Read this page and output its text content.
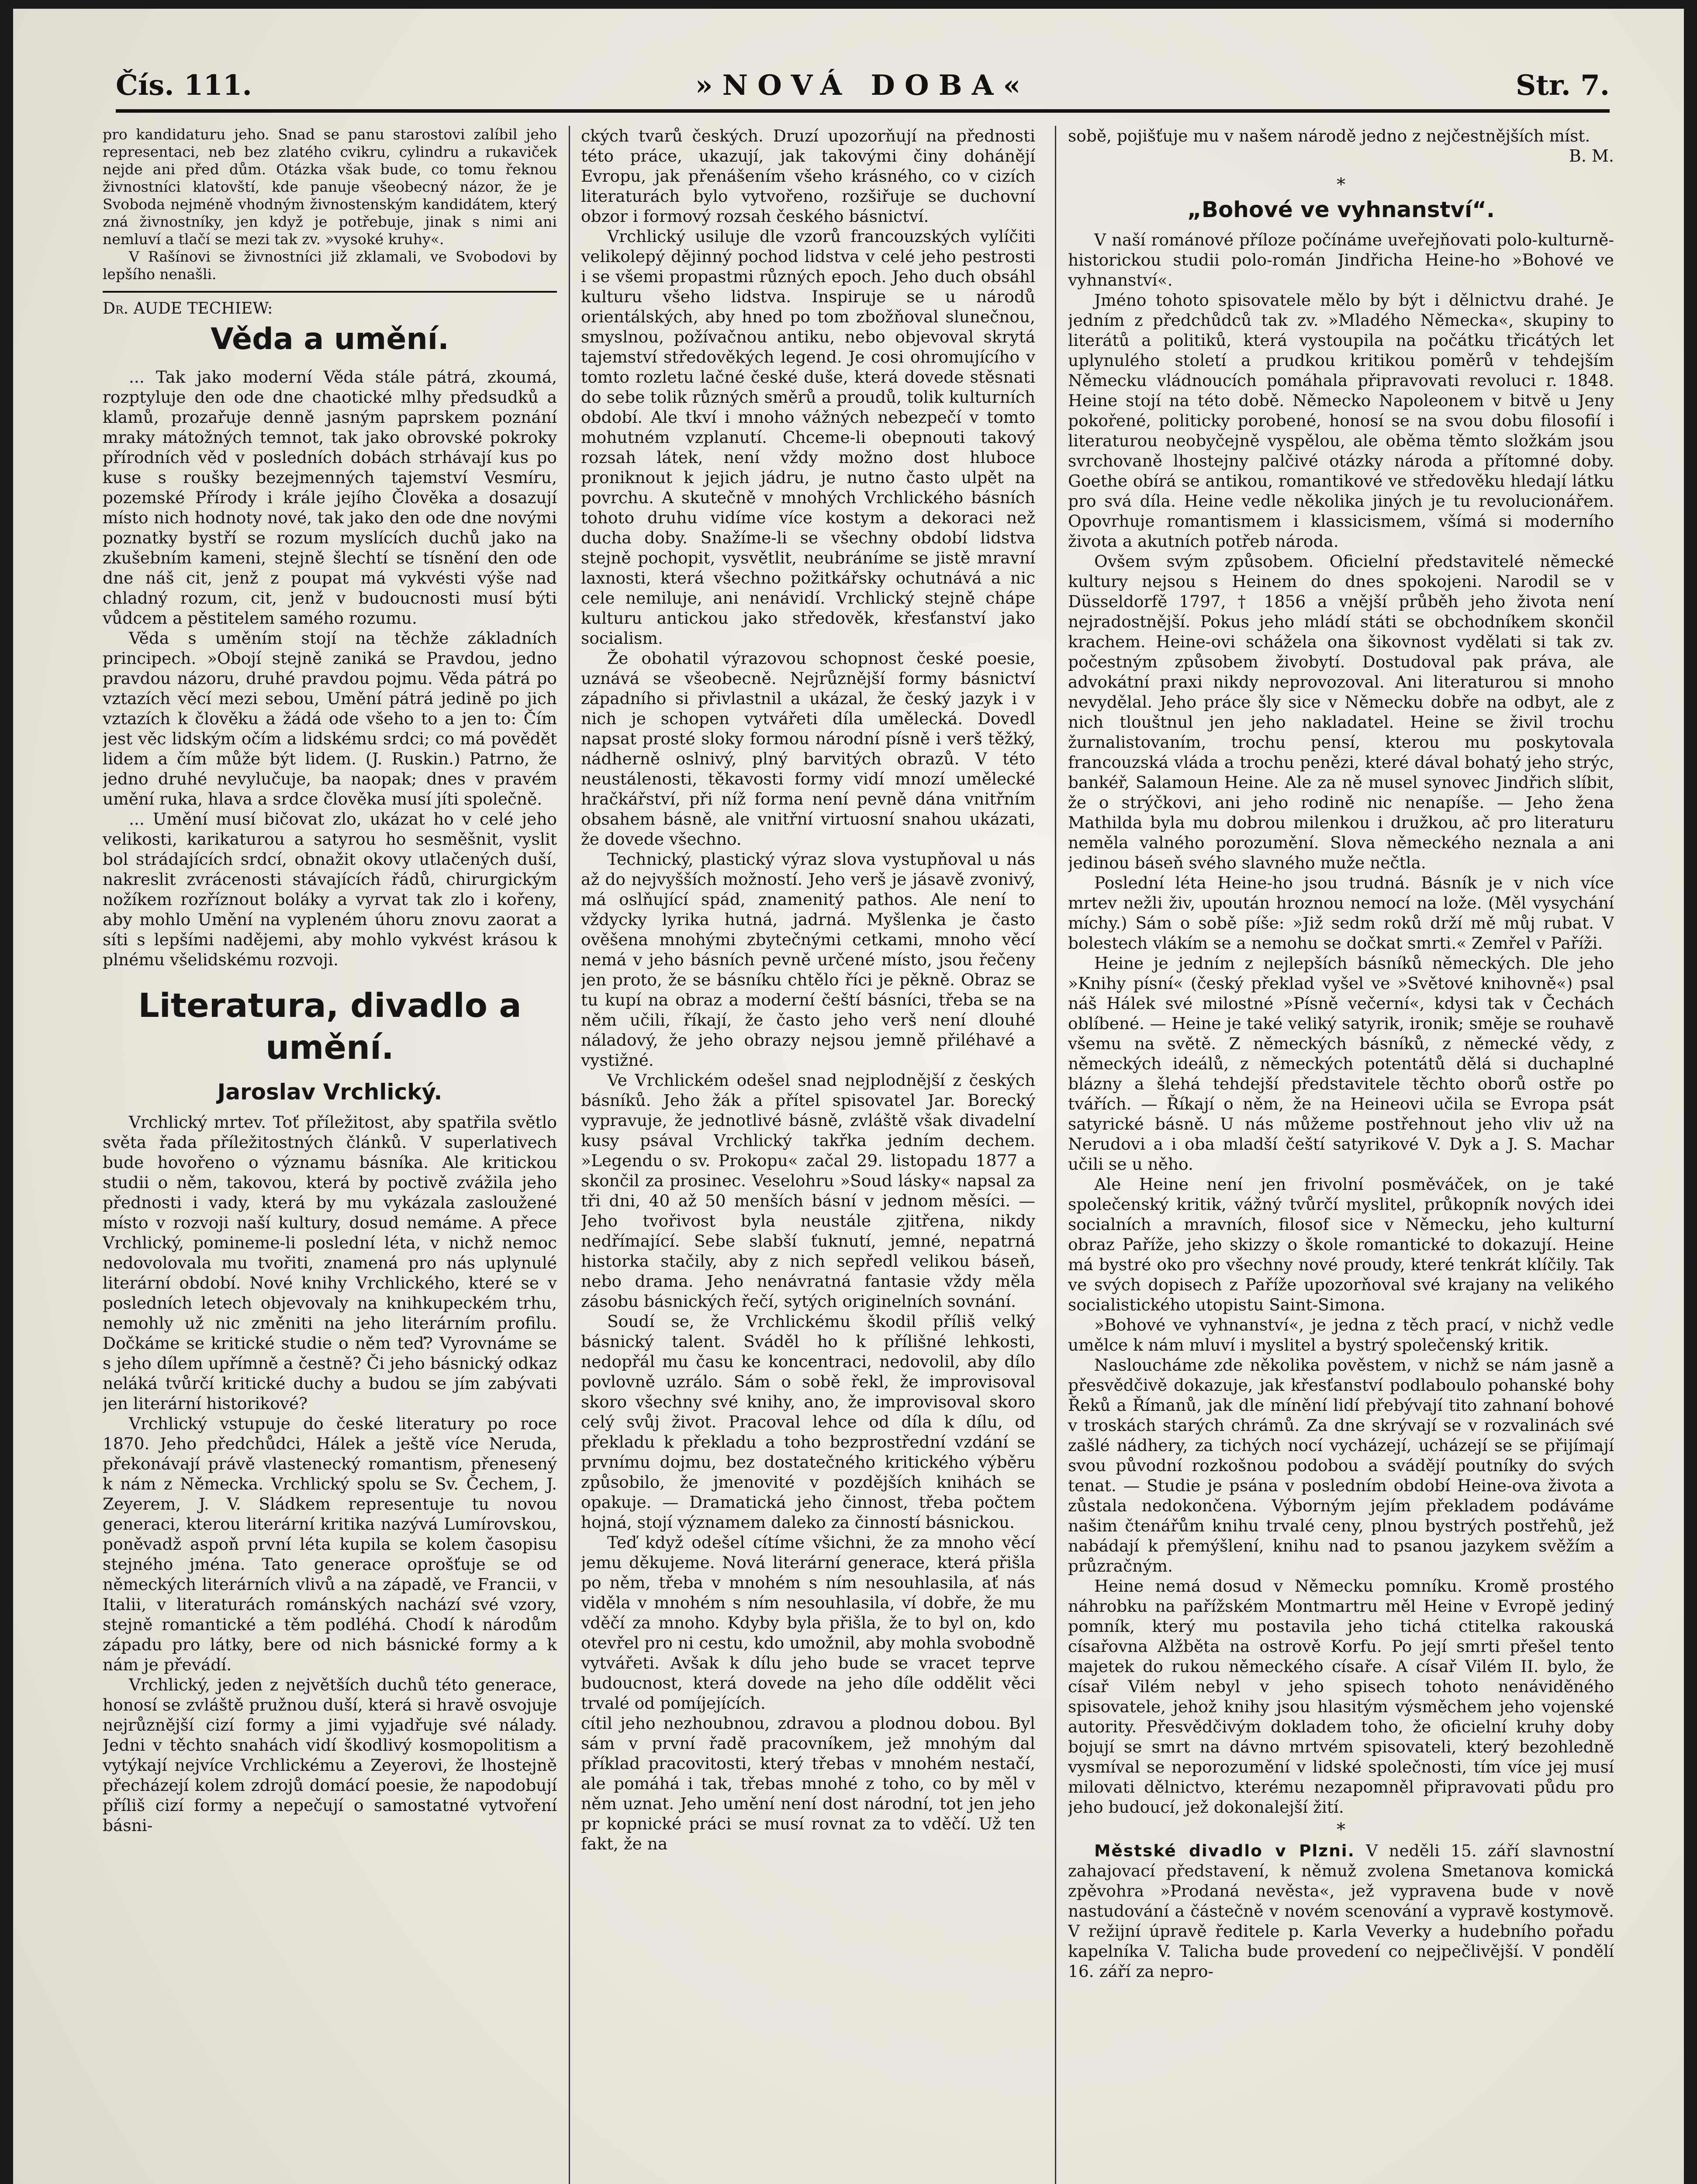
Čís. 111.	»NOVÁ DOBA«	Str. 7.

pro kandidaturu jeho. Snad se panu starostovi zalíbil jeho representaci, neb bez zlatého cvikru, cylindru a rukaviček nejde ani před dům. Otázka však bude, co tomu řeknou živnostníci klatovští, kde panuje všeobecný názor, že je Svoboda nejméně vhodným živnostenským kandidátem, který zná živnostníky, jen když je potřebuje, jinak s nimi ani nemluví a tlačí se mezi tak zv. »vysoké kruhy«.

V Rašínovi se živnostníci již zklamali, ve Svobodovi by lepšího nenašli.

Dr. AUDE TECHIEW:
Věda a umění.

... Tak jako moderní Věda stále pátrá, zkoumá, rozptyluje den ode dne chaotické mlhy předsudků a klamů, prozařuje denně jasným paprskem poznání mraky mátožných temnot, tak jako obrovské pokroky přírodních věd v posledních dobách strhávají kus po kuse s roušky bezejmenných tajemství Vesmíru, pozemské Přírody i krále jejího Člověka a dosazují místo nich hodnoty nové, tak jako den ode dne novými poznatky bystří se rozum myslících duchů jako na zkušebním kameni, stejně šlechtí se tísnění den ode dne náš cit, jenž z poupat má vykvésti výše nad chladný rozum, cit, jenž v budoucnosti musí býti vůdcem a pěstitelem samého rozumu.

Věda s uměním stojí na těchže základních principech. »Obojí stejně zaniká se Pravdou, jedno pravdou názoru, druhé pravdou pojmu. Věda pátrá po vztazích věcí mezi sebou, Umění pátrá jedině po jich vztazích k člověku a žádá ode všeho to a jen to: Čím jest věc lidským očím a lidskému srdci; co má povědět lidem a čím může být lidem. (J. Ruskin.) Patrno, že jedno druhé nevylučuje, ba naopak; dnes v pravém umění ruka, hlava a srdce člověka musí jíti společně.

... Umění musí bičovat zlo, ukázat ho v celé jeho velikosti, karikaturou a satyrou ho sesměšnit, vyslit bol strádajících srdcí, obnažit okovy utlačených duší, nakreslit zvrácenosti stávajících řádů, chirurgickým nožíkem rozříznout boláky a vyrvat tak zlo i kořeny, aby mohlo Umění na vypleném úhoru znovu zaorat a síti s lepšími nadějemi, aby mohlo vykvést krásou k plnému všelidskému rozvoji.

Literatura, divadlo a umění.
Jaroslav Vrchlický.

Vrchlický mrtev. Toť příležitost, aby spatřila světlo světa řada příležitostných článků. V superlativech bude hovořeno o významu básníka. Ale kritickou studii o něm, takovou, která by poctivě zvážila jeho přednosti i vady, která by mu vykázala zasloužené místo v rozvoji naší kultury, dosud nemáme. A přece Vrchlický, pomineme-li poslední léta, v nichž nemoc nedovolovala mu tvořiti, znamená pro nás uplynulé literární období. Nové knihy Vrchlického, které se v posledních letech objevovaly na knihkupeckém trhu, nemohly už nic změniti na jeho literárním profilu. Dočkáme se kritické studie o něm teď? Vyrovnáme se s jeho dílem upřímně a čestně? Či jeho básnický odkaz neláká tvůrčí kritické duchy a budou se jím zabývati jen literární historikové?

Vrchlický vstupuje do české literatury po roce 1870. Jeho předchůdci, Hálek a ještě více Neruda, překonávají právě vlastenecký romantism, přenesený k nám z Německa. Vrchlický spolu se Sv. Čechem, J. Zeyerem, J. V. Sládkem representuje tu novou generaci, kterou literární kritika nazývá Lumírovskou, poněvadž aspoň první léta kupila se kolem časopisu stejného jména. Tato generace oprošťuje se od německých literárních vlivů a na západě, ve Francii, v Italii, v literaturách románských nachází své vzory, stejně romantické a těm podléhá. Chodí k národům západu pro látky, bere od nich básnické formy a k nám je převádí.

Vrchlický, jeden z největších duchů této generace, honosí se zvláště pružnou duší, která si hravě osvojuje nejrůznější cizí formy a jimi vyjadřuje své nálady. Jedni v těchto snahách vidí škodlivý kosmopolitism a vytýkají nejvíce Vrchlickému a Zeyerovi, že lhostejně přecházejí kolem zdrojů domácí poesie, že napodobují příliš cizí formy a nepečují o samostatné vytvoření básni-

ckých tvarů českých. Druzí upozorňují na přednosti této práce, ukazují, jak takovými činy dohánějí Evropu, jak přenášením všeho krásného, co v cizích literaturách bylo vytvořeno, rozšiřuje se duchovní obzor i formový rozsah českého básnictví.

Vrchlický usiluje dle vzorů francouzských vylíčiti velikolepý dějinný pochod lidstva v celé jeho pestrosti i se všemi propastmi různých epoch. Jeho duch obsáhl kulturu všeho lidstva. Inspiruje se u národů orientálských, aby hned po tom zbožňoval slunečnou, smyslnou, požívačnou antiku, nebo objevoval skrytá tajemství středověkých legend. Je cosi ohromujícího v tomto rozletu lačné české duše, která dovede stěsnati do sebe tolik různých směrů a proudů, tolik kulturních období. Ale tkví i mnoho vážných nebezpečí v tomto mohutném vzplanutí. Chceme-li obepnouti takový rozsah látek, není vždy možno dost hluboce proniknout k jejich jádru, je nutno často ulpět na povrchu. A skutečně v mnohých Vrchlického básních tohoto druhu vidíme více kostym a dekoraci než ducha doby. Snažíme-li se všechny období lidstva stejně pochopit, vysvětlit, neubráníme se jistě mravní laxnosti, která všechno požitkářsky ochutnává a nic cele nemiluje, ani nenávidí. Vrchlický stejně chápe kulturu antickou jako středověk, křesťanství jako socialism.

Že obohatil výrazovou schopnost české poesie, uznává se všeobecně. Nejrůznější formy básnictví západního si přivlastnil a ukázal, že český jazyk i v nich je schopen vytvářeti díla umělecká. Dovedl napsat prosté sloky formou národní písně i verš těžký, nádherně oslnivý, plný barvitých obrazů. V této neustálenosti, těkavosti formy vidí mnozí umělecké hračkářství, při níž forma není pevně dána vnitřním obsahem básně, ale vnitřní virtuosní snahou ukázati, že dovede všechno.

Technický, plastický výraz slova vystupňoval u nás až do nejvyšších možností. Jeho verš je jásavě zvonivý, má oslňující spád, znamenitý pathos. Ale není to vždycky lyrika hutná, jadrná. Myšlenka je často ověšena mnohými zbytečnými cetkami, mnoho věcí nemá v jeho básních pevně určené místo, jsou řečeny jen proto, že se básníku chtělo říci je pěkně. Obraz se tu kupí na obraz a moderní čeští básníci, třeba se na něm učili, říkají, že často jeho verš není dlouhé náladový, že jeho obrazy nejsou jemně přiléhavé a vystižné.

Ve Vrchlickém odešel snad nejplodnější z českých básníků. Jeho žák a přítel spisovatel Jar. Borecký vypravuje, že jednotlivé básně, zvláště však divadelní kusy psával Vrchlický takřka jedním dechem. »Legendu o sv. Prokopu« začal 29. listopadu 1877 a skončil za prosinec. Veselohru »Soud lásky« napsal za tři dni, 40 až 50 menších básní v jednom měsíci. — Jeho tvořivost byla neustále zjitřena, nikdy nedřímající. Sebe slabší ťuknutí, jemné, nepatrná historka stačily, aby z nich sepředl velikou báseň, nebo drama. Jeho nenávratná fantasie vždy měla zásobu básnických řečí, sytých originelních sovnání.

Soudí se, že Vrchlickému škodil příliš velký básnický talent. Sváděl ho k přílišné lehkosti, nedopřál mu času ke koncentraci, nedovolil, aby dílo povlovně uzrálo. Sám o sobě řekl, že improvisoval skoro všechny své knihy, ano, že improvisoval skoro celý svůj život. Pracoval lehce od díla k dílu, od překladu k překladu a toho bezprostřední vzdání se prvnímu dojmu, bez dostatečného kritického výběru způsobilo, že jmenovité v pozdějších knihách se opakuje. — Dramatická jeho činnost, třeba počtem hojná, stojí významem daleko za činností básnickou.

Teď když odešel cítíme všichni, že za mnoho věcí jemu děkujeme. Nová literární generace, která přišla po něm, třeba v mnohém s ním nesouhlasila, ať nás viděla v mnohém s ním nesouhlasila, ví dobře, že mu vděčí za mnoho. Kdyby byla přišla, že to byl on, kdo otevřel pro ni cestu, kdo umožnil, aby mohla svobodně vytvářeti. Avšak k dílu jeho bude se vracet teprve budoucnost, která dovede na jeho díle oddělit věci trvalé od pomíjejících.

cítil jeho nezhoubnou, zdravou a plodnou dobou. Byl sám v první řadě pracovníkem, jež mnohým dal příklad pracovitosti, který třebas v mnohém nestačí, ale pomáhá i tak, třebas mnohé z toho, co by měl v něm uznat. Jeho umění není dost národní, tot jen jeho pr kopnické práci se musí rovnat za to vděčí. Už ten fakt, že na

sobě, pojišťuje mu v našem národě jedno z nejčestnějších míst.

B. M.
*
„Bohové ve vyhnanství“.

V naší románové příloze počínáme uveřejňovati polo-kulturně-historickou studii polo-román Jindřicha Heine-ho »Bohové ve vyhnanství«.

Jméno tohoto spisovatele mělo by být i dělnictvu drahé. Je jedním z předchůdců tak zv. »Mladého Německa«, skupiny to literátů a politiků, která vystoupila na počátku třicátých let uplynulého století a prudkou kritikou poměrů v tehdejším Německu vládnoucích pomáhala připravovati revoluci r. 1848. Heine stojí na této době. Německo Napoleonem v bitvě u Jeny pokořené, politicky porobené, honosí se na svou dobu filosofií i literaturou neobyčejně vyspělou, ale oběma těmto složkám jsou svrchovaně lhostejny palčivé otázky národa a přítomné doby. Goethe obírá se antikou, romantikové ve středověku hledají látku pro svá díla. Heine vedle několika jiných je tu revolucionářem. Opovrhuje romantismem i klassicismem, všímá si moderního života a akutních potřeb národa.

Ovšem svým způsobem. Oficielní představitelé německé kultury nejsou s Heinem do dnes spokojeni. Narodil se v Düsseldorfě 1797, † 1856 a vnější průběh jeho života není nejradostnější. Pokus jeho mládí státi se obchodníkem skončil krachem. Heine-ovi schážela ona šikovnost vydělati si tak zv. počestným způsobem živobytí. Dostudoval pak práva, ale advokátní praxi nikdy neprovozoval. Ani literaturou si mnoho nevydělal. Jeho práce šly sice v Německu dobře na odbyt, ale z nich tlouštnul jen jeho nakladatel. Heine se živil trochu žurnalistovaním, trochu pensí, kterou mu poskytovala francouzská vláda a trochu penězi, které dával bohatý jeho strýc, bankéř, Salamoun Heine. Ale za ně musel synovec Jindřich slíbit, že o strýčkovi, ani jeho rodině nic nenapíše. — Jeho žena Mathilda byla mu dobrou milenkou i družkou, ač pro literaturu neměla valného porozumění. Slova německého neznala a ani jedinou báseň svého slavného muže nečtla.

Poslední léta Heine-ho jsou trudná. Básník je v nich více mrtev nežli živ, upoután hroznou nemocí na lože. (Měl vysychání míchy.) Sám o sobě píše: »Již sedm roků drží mě můj rubat. V bolestech vlákím se a nemohu se dočkat smrti.« Zemřel v Paříži.

Heine je jedním z nejlepších básníků německých. Dle jeho »Knihy písní« (český překlad vyšel ve »Světové knihovně«) psal náš Hálek své milostné »Písně večerní«, kdysi tak v Čechách oblíbené. — Heine je také veliký satyrik, ironik; směje se rouhavě všemu na světě. Z německých básníků, z německé vědy, z německých ideálů, z německých potentátů dělá si duchaplné blázny a šlehá tehdejší představitele těchto oborů ostře po tvářích. — Říkají o něm, že na Heineovi učila se Evropa psát satyrické básně. U nás můžeme postřehnout jeho vliv už na Nerudovi a i oba mladší čeští satyrikové V. Dyk a J. S. Machar učili se u něho.

Ale Heine není jen frivolní posměváček, on je také společenský kritik, vážný tvůrčí myslitel, průkopník nových idei socialních a mravních, filosof sice v Německu, jeho kulturní obraz Paříže, jeho skizzy o škole romantické to dokazují. Heine má bystré oko pro všechny nové proudy, které tenkrát klíčily. Tak ve svých dopisech z Paříže upozorňoval své krajany na velikého socialistického utopistu Saint-Simona.

»Bohové ve vyhnanství«, je jedna z těch prací, v nichž vedle umělce k nám mluví i myslitel a bystrý společenský kritik.

Nasloucháme zde několika pověstem, v nichž se nám jasně a přesvědčivě dokazuje, jak křesťanství podlaboulo pohanské bohy Řeků a Římanů, jak dle mínění lidí přebývají tito zahnaní bohové v troskách starých chrámů. Za dne skrývají se v rozvalinách své zašlé nádhery, za tichých nocí vycházejí, ucházejí se se přijímají svou původní rozkošnou podobou a svádějí poutníky do svých tenat. — Studie je psána v posledním období Heine-ova života a zůstala nedokončena. Výborným jejím překladem podáváme našim čtenářům knihu trvalé ceny, plnou bystrých postřehů, jež nabádají k přemýšlení, knihu nad to psanou jazykem svěžím a průzračným.

Heine nemá dosud v Německu pomníku. Kromě prostého náhrobku na pařížském Montmartru měl Heine v Evropě jediný pomník, který mu postavila jeho tichá ctitelka rakouská císařovna Alžběta na ostrově Korfu. Po její smrti přešel tento majetek do rukou německého císaře. A císař Vilém II. bylo, že císař Vilém nebyl v jeho spisech tohoto nenáviděného spisovatele, jehož knihy jsou hlasitým výsměchem jeho vojenské autority. Přesvědčivým dokladem toho, že oficielní kruhy doby bojují se smrt na dávno mrtvém spisovateli, který bezohledně vysmíval se neporozumění v lidské společnosti, tím více jej musí milovati dělnictvo, kterému nezapomněl připravovati půdu pro jeho budoucí, jež dokonalejší žití.

*

Městské divadlo v Plzni. V neděli 15. září slavnostní zahajovací představení, k němuž zvolena Smetanova komická zpěvohra »Prodaná nevěsta«, jež vypravena bude v nově nastudování a částečně v novém scenování a vypravě kostymově. V režijní úpravě ředitele p. Karla Veverky a hudebního pořadu kapelníka V. Talicha bude provedení co nejpečlivější. V pondělí 16. září za nepro-
